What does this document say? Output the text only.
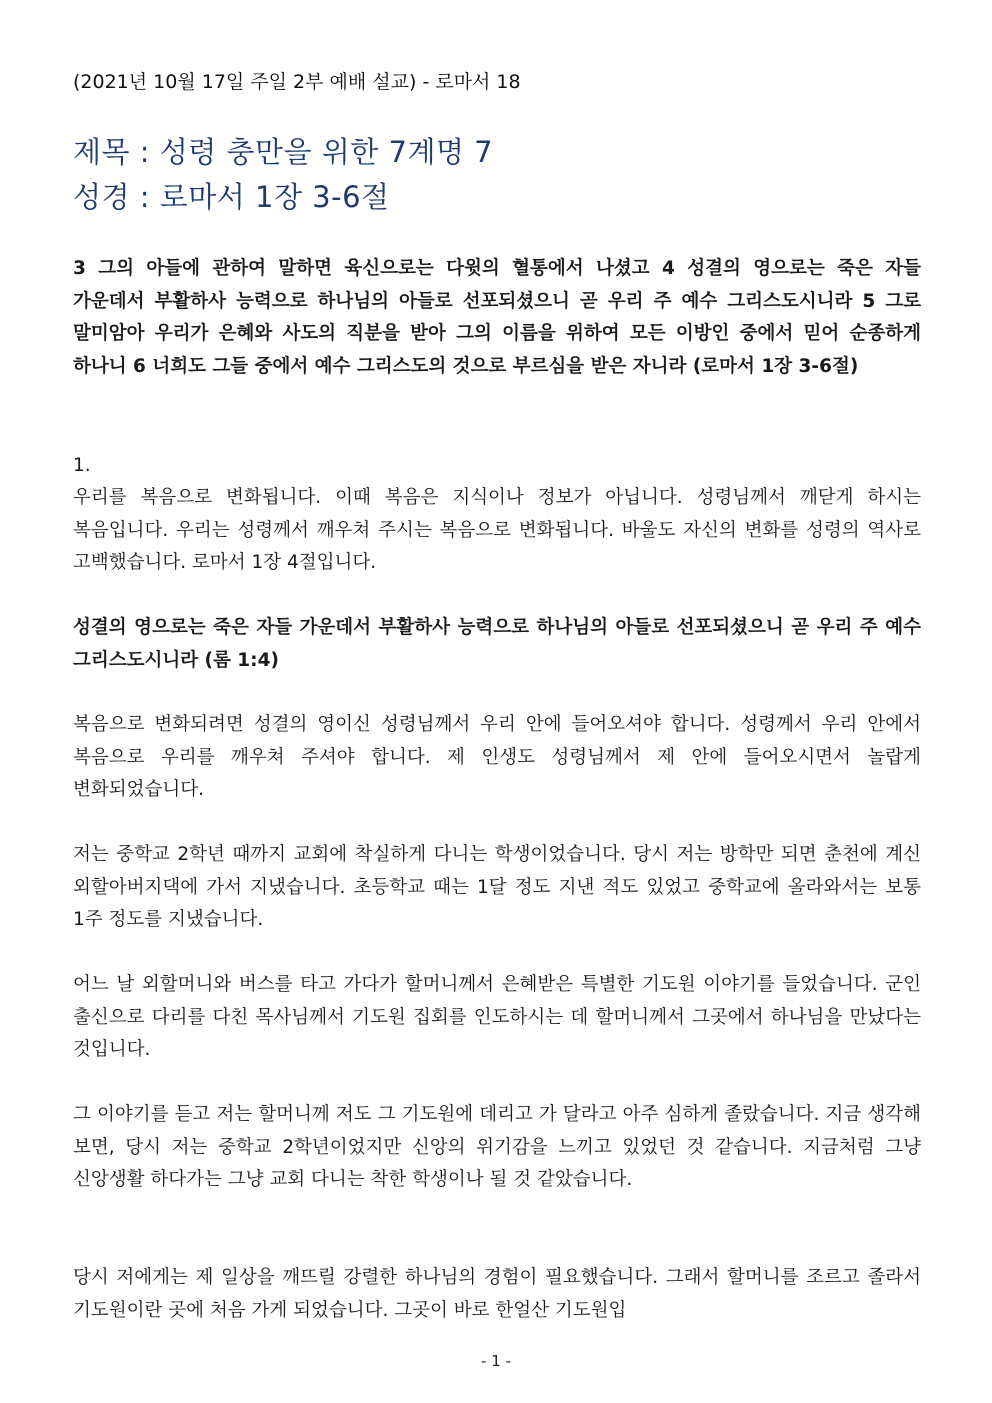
(2021년 10월 17일 주일 2부 예배 설교) - 로마서 18
제목 : 성령 충만을 위한 7계명 7
성경 : 로마서 1장 3-6절

3 그의 아들에 관하여 말하면 육신으로는 다윗의 혈통에서 나셨고 4 성결의 영으로는 죽은 자들 가운데서 부활하사 능력으로 하나님의 아들로 선포되셨으니 곧 우리 주 예수 그리스도시니라 5 그로 말미암아 우리가 은혜와 사도의 직분을 받아 그의 이름을 위하여 모든 이방인 중에서 믿어 순종하게 하나니 6 너희도 그들 중에서 예수 그리스도의 것으로 부르심을 받은 자니라 (로마서 1장 3-6절)

1.

우리를 복음으로 변화됩니다. 이때 복음은 지식이나 정보가 아닙니다. 성령님께서 깨닫게 하시는 복음입니다. 우리는 성령께서 깨우쳐 주시는 복음으로 변화됩니다. 바울도 자신의 변화를 성령의 역사로 고백했습니다. 로마서 1장 4절입니다.

성결의 영으로는 죽은 자들 가운데서 부활하사 능력으로 하나님의 아들로 선포되셨으니 곧 우리 주 예수 그리스도시니라 (롬 1:4)

복음으로 변화되려면 성결의 영이신 성령님께서 우리 안에 들어오셔야 합니다. 성령께서 우리 안에서 복음으로 우리를 깨우쳐 주셔야 합니다. 제 인생도 성령님께서 제 안에 들어오시면서 놀랍게 변화되었습니다.

저는 중학교 2학년 때까지 교회에 착실하게 다니는 학생이었습니다. 당시 저는 방학만 되면 춘천에 계신 외할아버지댁에 가서 지냈습니다. 초등학교 때는 1달 정도 지낸 적도 있었고 중학교에 올라와서는 보통 1주 정도를 지냈습니다.

어느 날 외할머니와 버스를 타고 가다가 할머니께서 은혜받은 특별한 기도원 이야기를 들었습니다. 군인 출신으로 다리를 다친 목사님께서 기도원 집회를 인도하시는 데 할머니께서 그곳에서 하나님을 만났다는 것입니다.

그 이야기를 듣고 저는 할머니께 저도 그 기도원에 데리고 가 달라고 아주 심하게 졸랐습니다. 지금 생각해 보면, 당시 저는 중학교 2학년이었지만 신앙의 위기감을 느끼고 있었던 것 같습니다. 지금처럼 그냥 신앙생활 하다가는 그냥 교회 다니는 착한 학생이나 될 것 같았습니다.

당시 저에게는 제 일상을 깨뜨릴 강렬한 하나님의 경험이 필요했습니다. 그래서 할머니를 조르고 졸라서 기도원이란 곳에 처음 가게 되었습니다. 그곳이 바로 한얼산 기도원입

- 1 -
